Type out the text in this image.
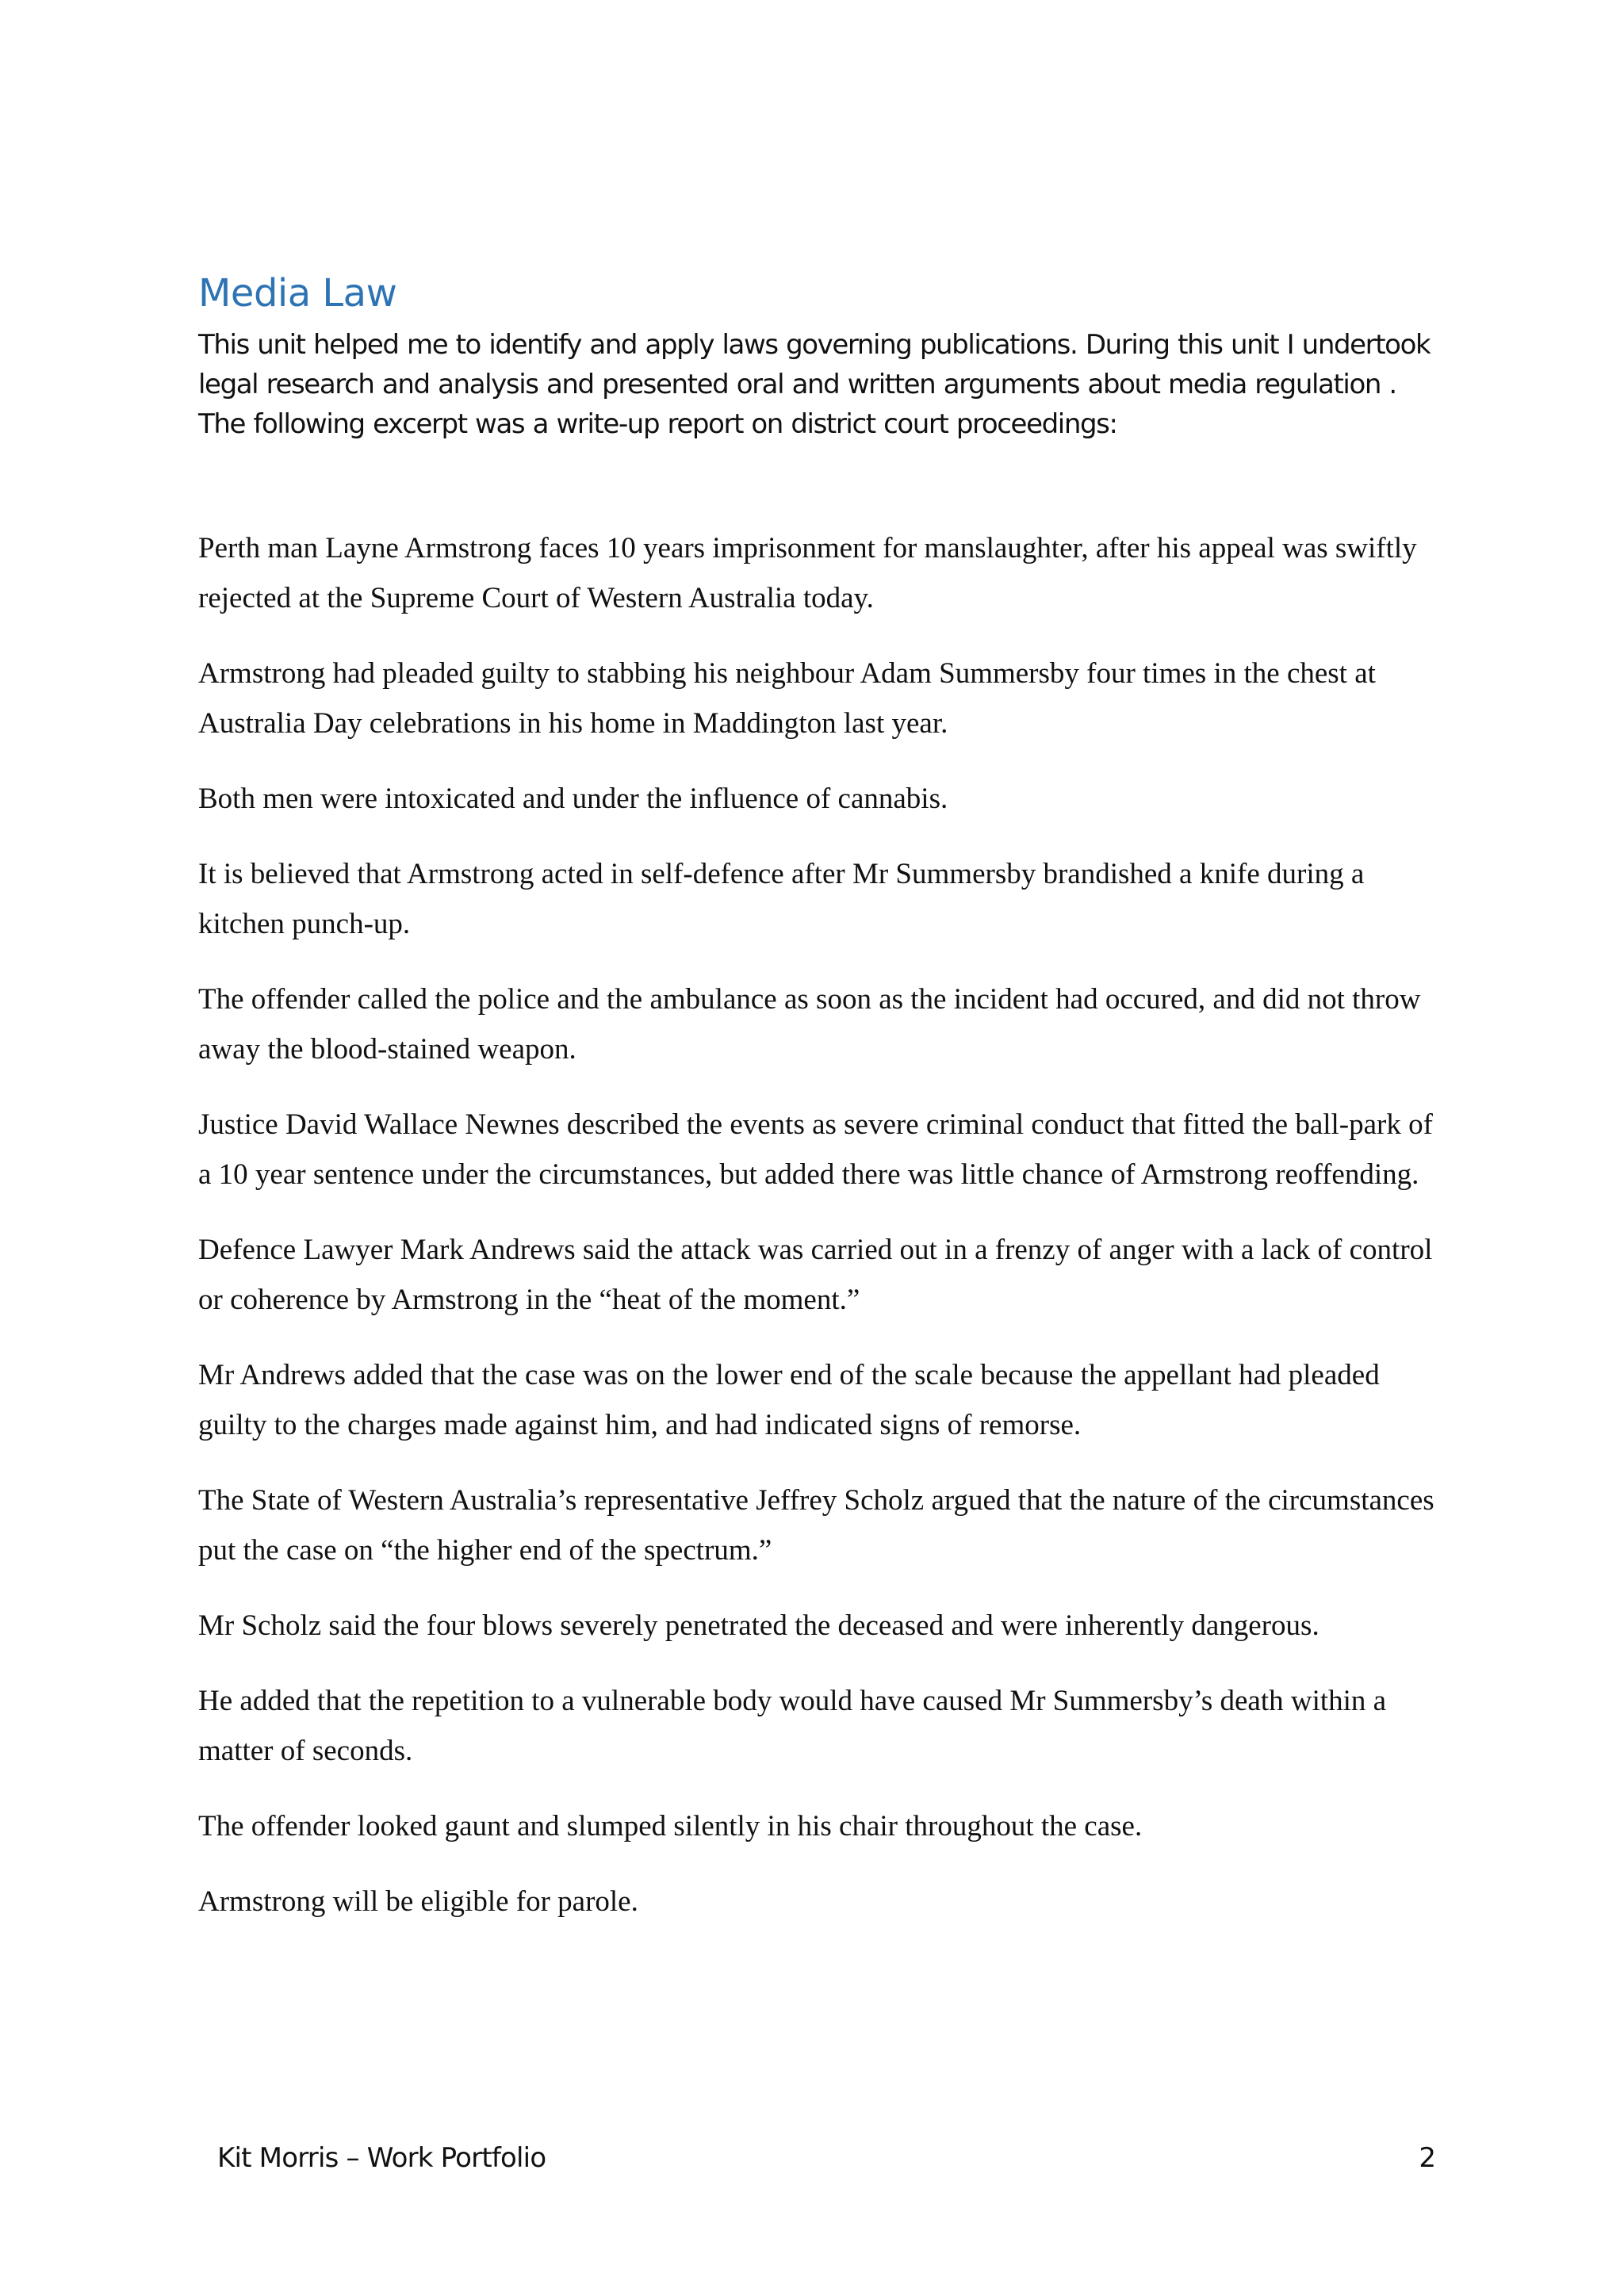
Media Law

This unit helped me to identify and apply laws governing publications. During this unit I undertook legal research and analysis and presented oral and written arguments about media regulation . The following excerpt was a write-up report on district court proceedings:

Perth man Layne Armstrong faces 10 years imprisonment for manslaughter, after his appeal was swiftly rejected at the Supreme Court of Western Australia today.

Armstrong had pleaded guilty to stabbing his neighbour Adam Summersby four times in the chest at Australia Day celebrations in his home in Maddington last year.

Both men were intoxicated and under the influence of cannabis.

It is believed that Armstrong acted in self-defence after Mr Summersby brandished a knife during a kitchen punch-up.

The offender called the police and the ambulance as soon as the incident had occured, and did not throw away the blood-stained weapon.

Justice David Wallace Newnes described the events as severe criminal conduct that fitted the ball-park of a 10 year sentence under the circumstances, but added there was little chance of Armstrong reoffending.

Defence Lawyer Mark Andrews said the attack was carried out in a frenzy of anger with a lack of control or coherence by Armstrong in the “heat of the moment.”

Mr Andrews added that the case was on the lower end of the scale because the appellant had pleaded guilty to the charges made against him, and had indicated signs of remorse.

The State of Western Australia’s representative Jeffrey Scholz argued that the nature of the circumstances put the case on “the higher end of the spectrum.”

Mr Scholz said the four blows severely penetrated the deceased and were inherently dangerous.

He added that the repetition to a vulnerable body would have caused Mr Summersby’s death within a matter of seconds.

The offender looked gaunt and slumped silently in his chair throughout the case.

Armstrong will be eligible for parole.

Kit Morris – Work Portfolio	2
